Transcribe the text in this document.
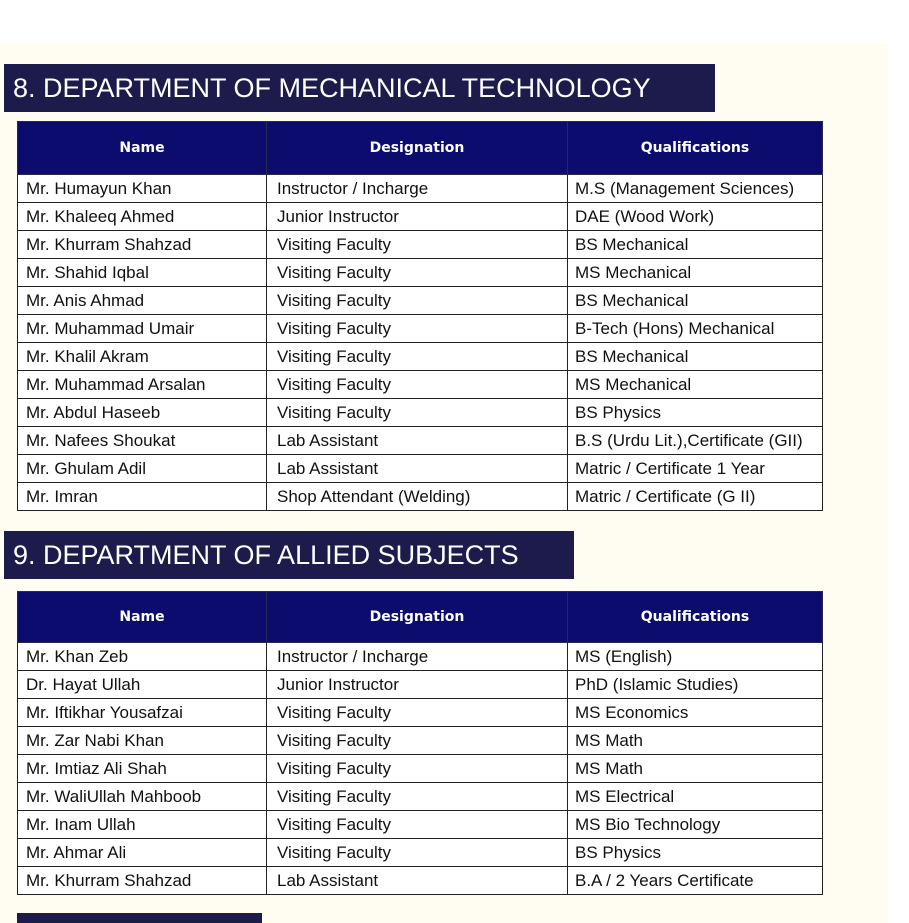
8. DEPARTMENT OF MECHANICAL TECHNOLOGY
Name	Designation	Qualifications
Mr. Humayun Khan	Instructor / Incharge	M.S (Management Sciences)
Mr. Khaleeq Ahmed	Junior Instructor	DAE (Wood Work)
Mr. Khurram Shahzad	Visiting Faculty	BS Mechanical
Mr. Shahid Iqbal	Visiting Faculty	MS Mechanical
Mr. Anis Ahmad	Visiting Faculty	BS Mechanical
Mr. Muhammad Umair	Visiting Faculty	B-Tech (Hons) Mechanical
Mr. Khalil Akram	Visiting Faculty	BS Mechanical
Mr. Muhammad Arsalan	Visiting Faculty	MS Mechanical
Mr. Abdul Haseeb	Visiting Faculty	BS Physics
Mr. Nafees Shoukat	Lab Assistant	B.S (Urdu Lit.),Certificate (GII)
Mr. Ghulam Adil	Lab Assistant	Matric / Certificate 1 Year
Mr. Imran	Shop Attendant (Welding)	Matric / Certificate (G II)
9. DEPARTMENT OF ALLIED SUBJECTS
Name	Designation	Qualifications
Mr. Khan Zeb	Instructor / Incharge	MS (English)
Dr. Hayat Ullah	Junior Instructor	PhD (Islamic Studies)
Mr. Iftikhar Yousafzai	Visiting Faculty	MS Economics
Mr. Zar Nabi Khan	Visiting Faculty	MS Math
Mr. Imtiaz Ali Shah	Visiting Faculty	MS Math
Mr. WaliUllah Mahboob	Visiting Faculty	MS Electrical
Mr. Inam Ullah	Visiting Faculty	MS Bio Technology
Mr. Ahmar Ali	Visiting Faculty	BS Physics
Mr. Khurram Shahzad	Lab Assistant	B.A / 2 Years Certificate
